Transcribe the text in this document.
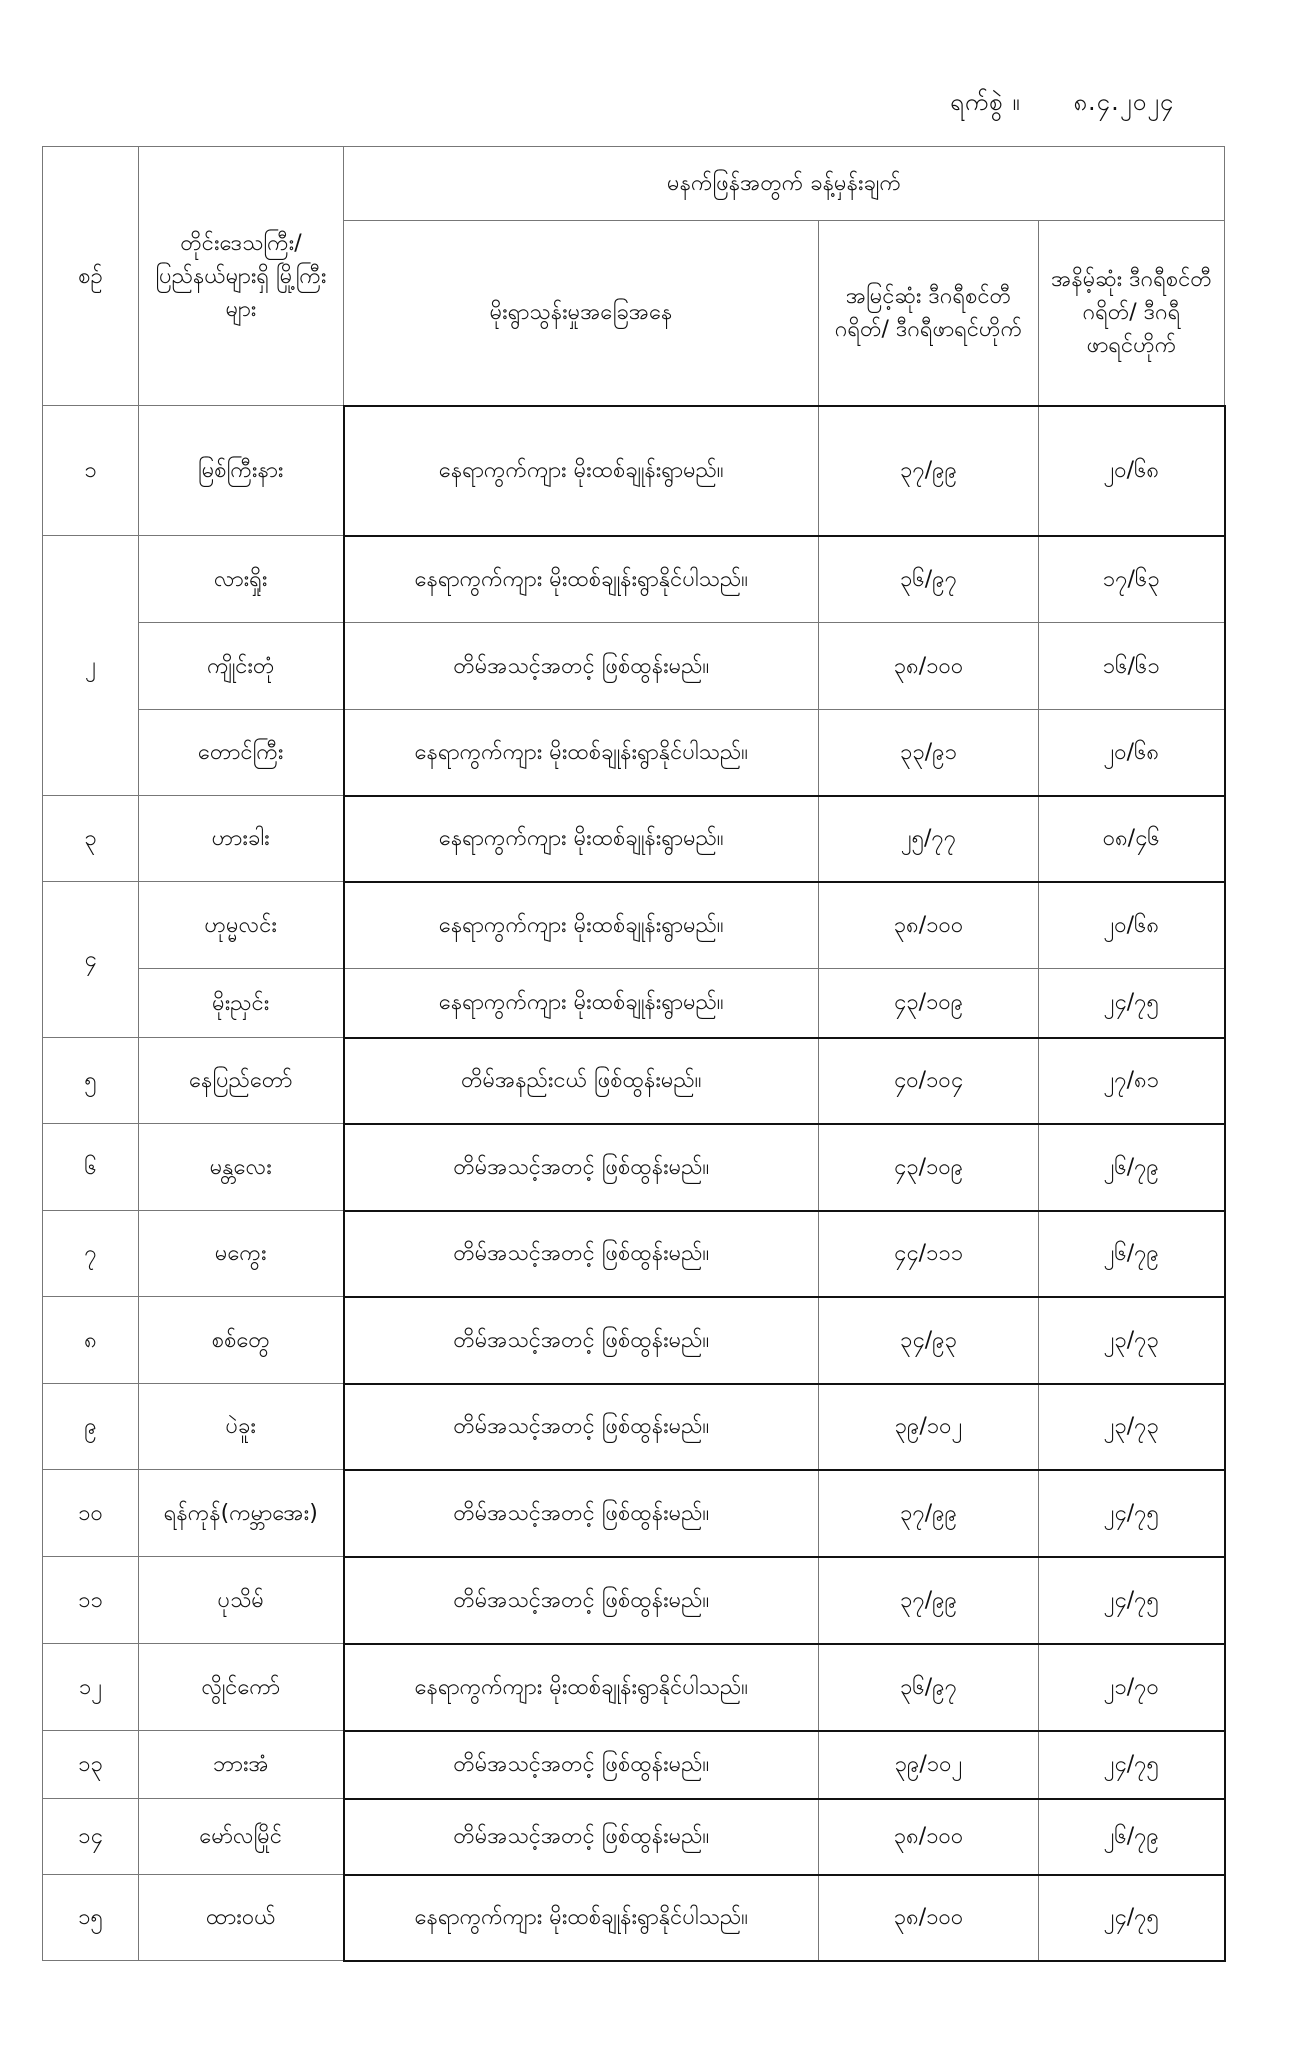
ရက်စွဲ ။ ၈.၄.၂၀၂၄
စဉ်	တိုင်းဒေသကြီး/ ပြည်နယ်များရှိ မြို့ကြီးများ	မနက်ဖြန်အတွက် ခန့်မှန်းချက်		
		မိုးရွာသွန်းမှုအခြေအနေ	အမြင့်ဆုံး ဒီဂရီစင်တီဂရိတ်/ ဒီဂရီဖာရင်ဟိုက်	အနိမ့်ဆုံး ဒီဂရီစင်တီဂရိတ်/ ဒီဂရီဖာရင်ဟိုက်
၁	မြစ်ကြီးနား	နေရာကွက်ကျား မိုးထစ်ချုန်းရွာမည်။	၃၇/၉၉	၂၀/၆၈
၂	လားရှိုး	နေရာကွက်ကျား မိုးထစ်ချုန်းရွာနိုင်ပါသည်။	၃၆/၉၇	၁၇/၆၃
	ကျိုင်းတုံ	တိမ်အသင့်အတင့် ဖြစ်ထွန်းမည်။	၃၈/၁၀၀	၁၆/၆၁
	တောင်ကြီး	နေရာကွက်ကျား မိုးထစ်ချုန်းရွာနိုင်ပါသည်။	၃၃/၉၁	၂၀/၆၈
၃	ဟားခါး	နေရာကွက်ကျား မိုးထစ်ချုန်းရွာမည်။	၂၅/၇၇	၀၈/၄၆
၄	ဟုမ္မလင်း	နေရာကွက်ကျား မိုးထစ်ချုန်းရွာမည်။	၃၈/၁၀၀	၂၀/၆၈
	မိုးညှင်း	နေရာကွက်ကျား မိုးထစ်ချုန်းရွာမည်။	၄၃/၁၀၉	၂၄/၇၅
၅	နေပြည်တော်	တိမ်အနည်းငယ် ဖြစ်ထွန်းမည်။	၄၀/၁၀၄	၂၇/၈၁
၆	မန္တလေး	တိမ်အသင့်အတင့် ဖြစ်ထွန်းမည်။	၄၃/၁၀၉	၂၆/၇၉
၇	မကွေး	တိမ်အသင့်အတင့် ဖြစ်ထွန်းမည်။	၄၄/၁၁၁	၂၆/၇၉
၈	စစ်တွေ	တိမ်အသင့်အတင့် ဖြစ်ထွန်းမည်။	၃၄/၉၃	၂၃/၇၃
၉	ပဲခူး	တိမ်အသင့်အတင့် ဖြစ်ထွန်းမည်။	၃၉/၁၀၂	၂၃/၇၃
၁၀	ရန်ကုန်(ကမ္ဘာအေး)	တိမ်အသင့်အတင့် ဖြစ်ထွန်းမည်။	၃၇/၉၉	၂၄/၇၅
၁၁	ပုသိမ်	တိမ်အသင့်အတင့် ဖြစ်ထွန်းမည်။	၃၇/၉၉	၂၄/၇၅
၁၂	လွိုင်ကော်	နေရာကွက်ကျား မိုးထစ်ချုန်းရွာနိုင်ပါသည်။	၃၆/၉၇	၂၁/၇၀
၁၃	ဘားအံ	တိမ်အသင့်အတင့် ဖြစ်ထွန်းမည်။	၃၉/၁၀၂	၂၄/၇၅
၁၄	မော်လမြိုင်	တိမ်အသင့်အတင့် ဖြစ်ထွန်းမည်။	၃၈/၁၀၀	၂၆/၇၉
၁၅	ထားဝယ်	နေရာကွက်ကျား မိုးထစ်ချုန်းရွာနိုင်ပါသည်။	၃၈/၁၀၀	၂၄/၇၅
